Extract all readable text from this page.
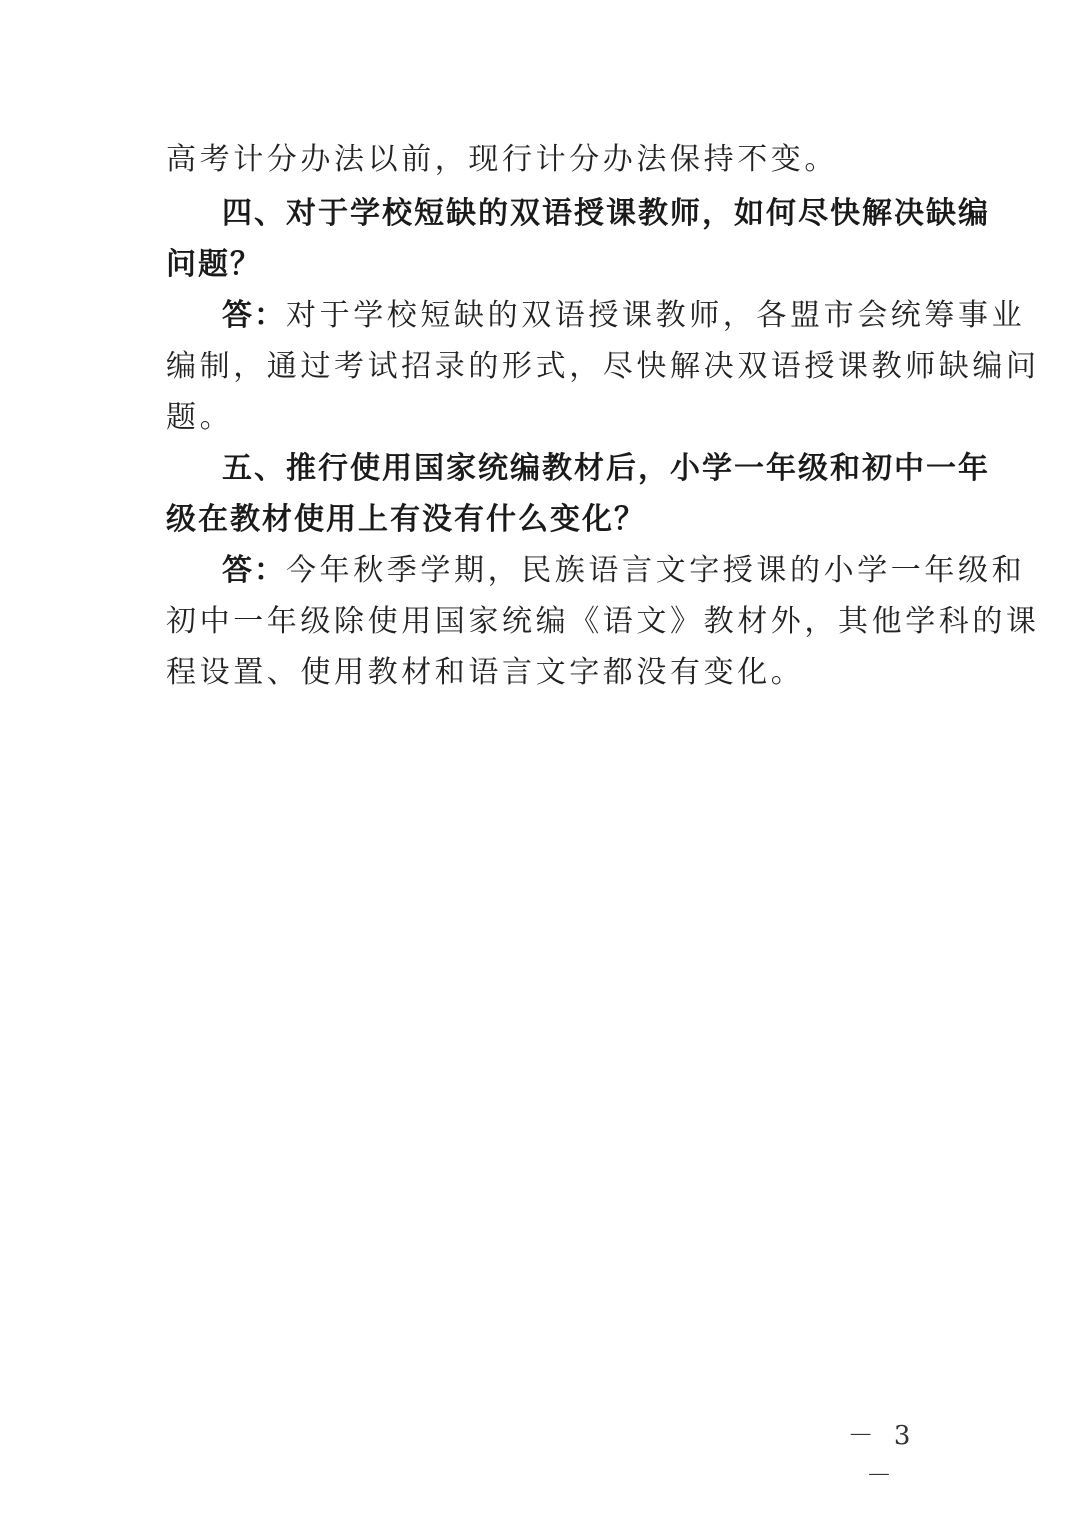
高考计分办法以前，现行计分办法保持不变。
四、对于学校短缺的双语授课教师，如何尽快解决缺编
问题？
答：对于学校短缺的双语授课教师，各盟市会统筹事业
编制，通过考试招录的形式，尽快解决双语授课教师缺编问
题。
五、推行使用国家统编教材后，小学一年级和初中一年
级在教材使用上有没有什么变化？
答：今年秋季学期，民族语言文字授课的小学一年级和
初中一年级除使用国家统编《语文》教材外，其他学科的课
程设置、使用教材和语言文字都没有变化。
－ 3 －
